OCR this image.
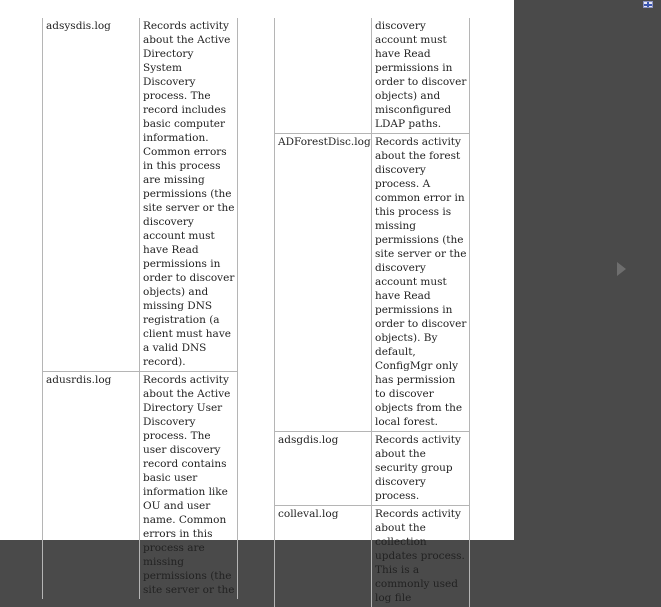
adsysdis.log	Records activity about the Active Directory System Discovery process. The record includes basic computer information. Common errors in this process are missing permissions (the site server or the discovery account must have Read permissions in order to discover objects) and missing DNS registration (a client must have a valid DNS record).
adusrdis.log	Records activity about the Active Directory User Discovery process. The user discovery record contains basic user information like OU and user name. Common errors in this process are missing permissions (the site server or the
discovery account must have Read permissions in order to discover objects) and misconfigured LDAP paths.
ADForestDisc.log Records activity about the forest discovery process. A common error in this process is missing permissions (the site server or the discovery account must have Read permissions in order to discover objects). By default, ConfigMgr only has permission to discover objects from the local forest.
adsgdis.log	Records activity about the security group discovery process.
colleval.log	Records activity about the collection updates process. This is a commonly used log file
